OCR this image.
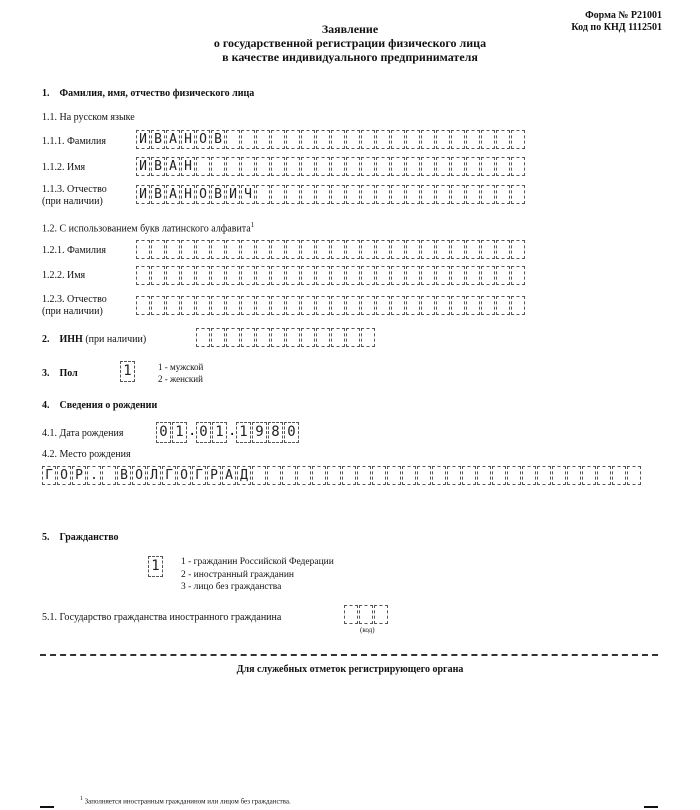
Форма № Р21001
Код по КНД 1112501
Заявление
о государственной регистрации физического лица
в качестве индивидуального предпринимателя
1. Фамилия, имя, отчество физического лица
1.1. На русском языке
1.1.1. Фамилия	И В А Н О В
1.1.2. Имя	И В А Н
1.1.3. Отчество
(при наличии)	И В А Н О В И Ч
1.2. С использованием букв латинского алфавита$^1$
1.2.1. Фамилия
1.2.2. Имя
1.2.3. Отчество
(при наличии)
2. ИНН (при наличии)
3. Пол	1	1 - мужской
2 - женский
4. Сведения о рождении
4.1. Дата рождения	0 1 . 0 1 . 1 9 8 0
4.2. Место рождения
Г О Р . В О Л Г О Г Р А Д
5. Гражданство
1	1 - гражданин Российской Федерации
2 - иностранный гражданин
3 - лицо без гражданства
5.1. Государство гражданства иностранного гражданина
(код)
Для служебных отметок регистрирующего органа
$^1$ Заполняется иностранным гражданином или лицом без гражданства.
